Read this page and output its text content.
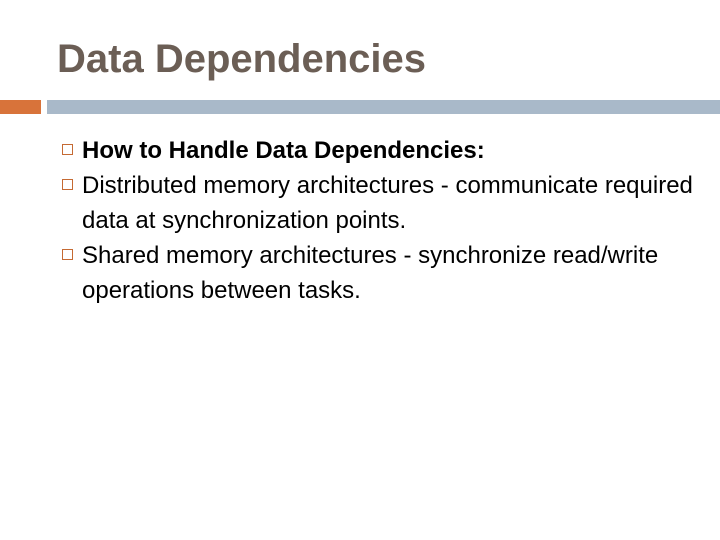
Data Dependencies
How to Handle Data Dependencies:
Distributed memory architectures - communicate required data at synchronization points.
Shared memory architectures - synchronize read/write operations between tasks.
